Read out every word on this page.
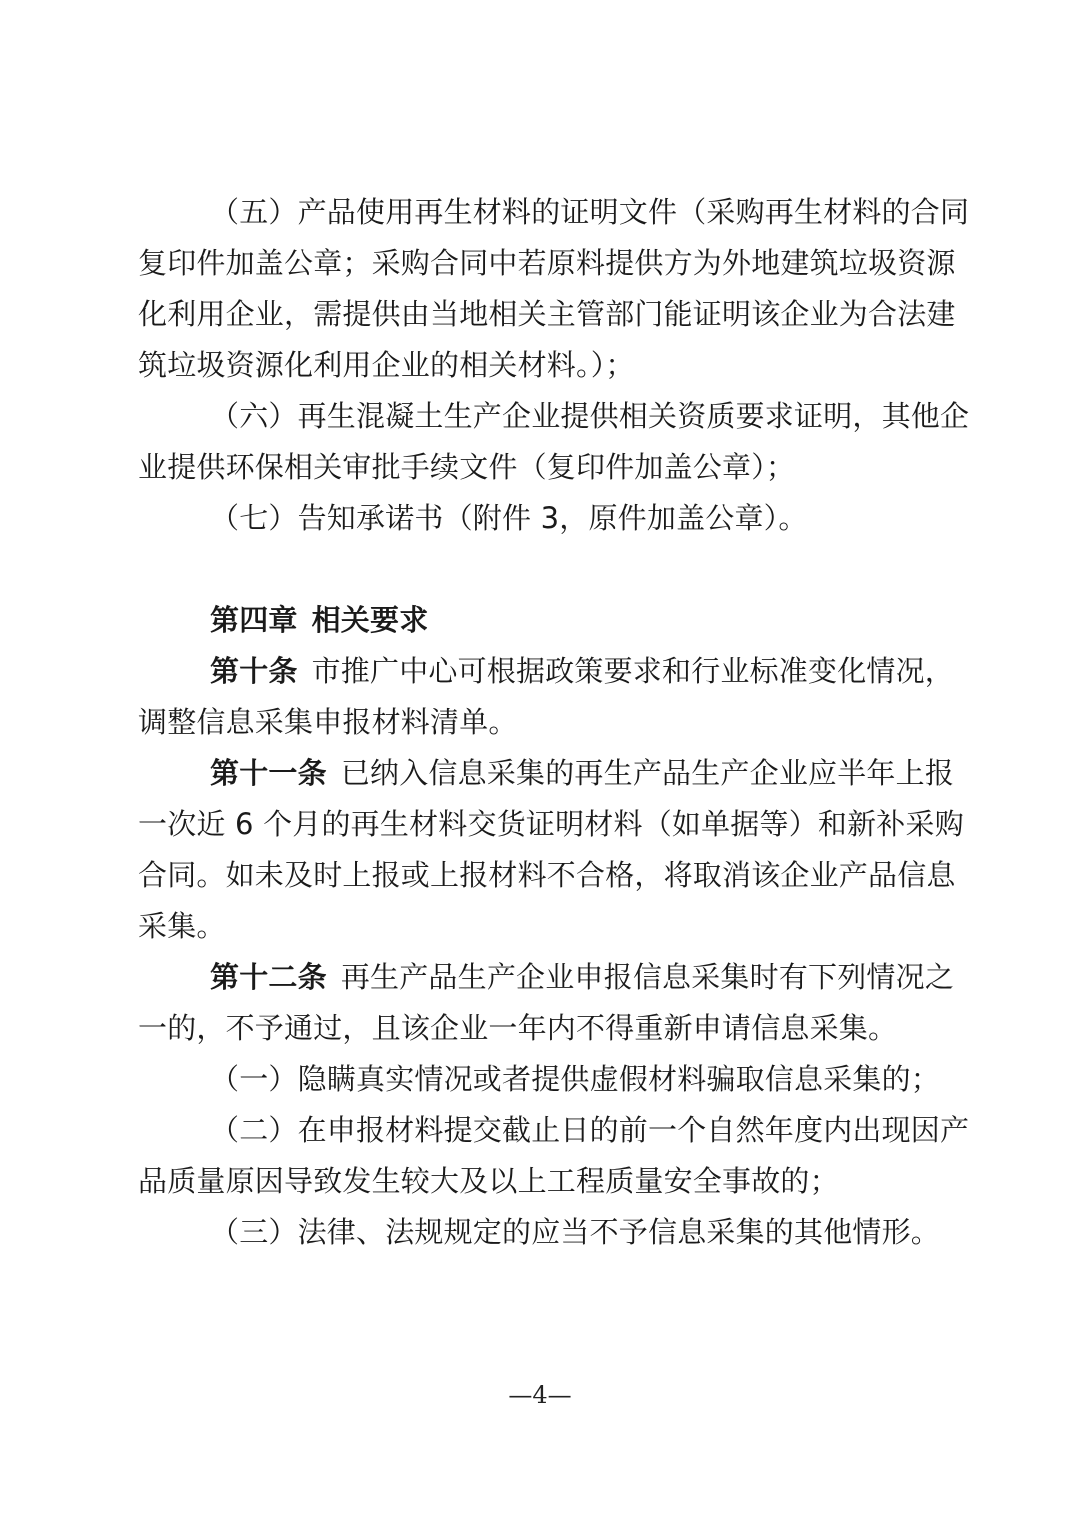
（五）产品使用再生材料的证明文件（采购再生材料的合同
复印件加盖公章；采购合同中若原料提供方为外地建筑垃圾资源
化利用企业，需提供由当地相关主管部门能证明该企业为合法建
筑垃圾资源化利用企业的相关材料。）；
（六）再生混凝土生产企业提供相关资质要求证明，其他企
业提供环保相关审批手续文件（复印件加盖公章）；
（七）告知承诺书（附件 3，原件加盖公章）。
第四章 相关要求
第十条 市推广中心可根据政策要求和行业标准变化情况，
调整信息采集申报材料清单。
第十一条 已纳入信息采集的再生产品生产企业应半年上报
一次近 6 个月的再生材料交货证明材料（如单据等）和新补采购
合同。如未及时上报或上报材料不合格，将取消该企业产品信息
采集。
第十二条 再生产品生产企业申报信息采集时有下列情况之
一的，不予通过，且该企业一年内不得重新申请信息采集。
（一）隐瞒真实情况或者提供虚假材料骗取信息采集的；
（二）在申报材料提交截止日的前一个自然年度内出现因产
品质量原因导致发生较大及以上工程质量安全事故的；
（三）法律、法规规定的应当不予信息采集的其他情形。
—4—
